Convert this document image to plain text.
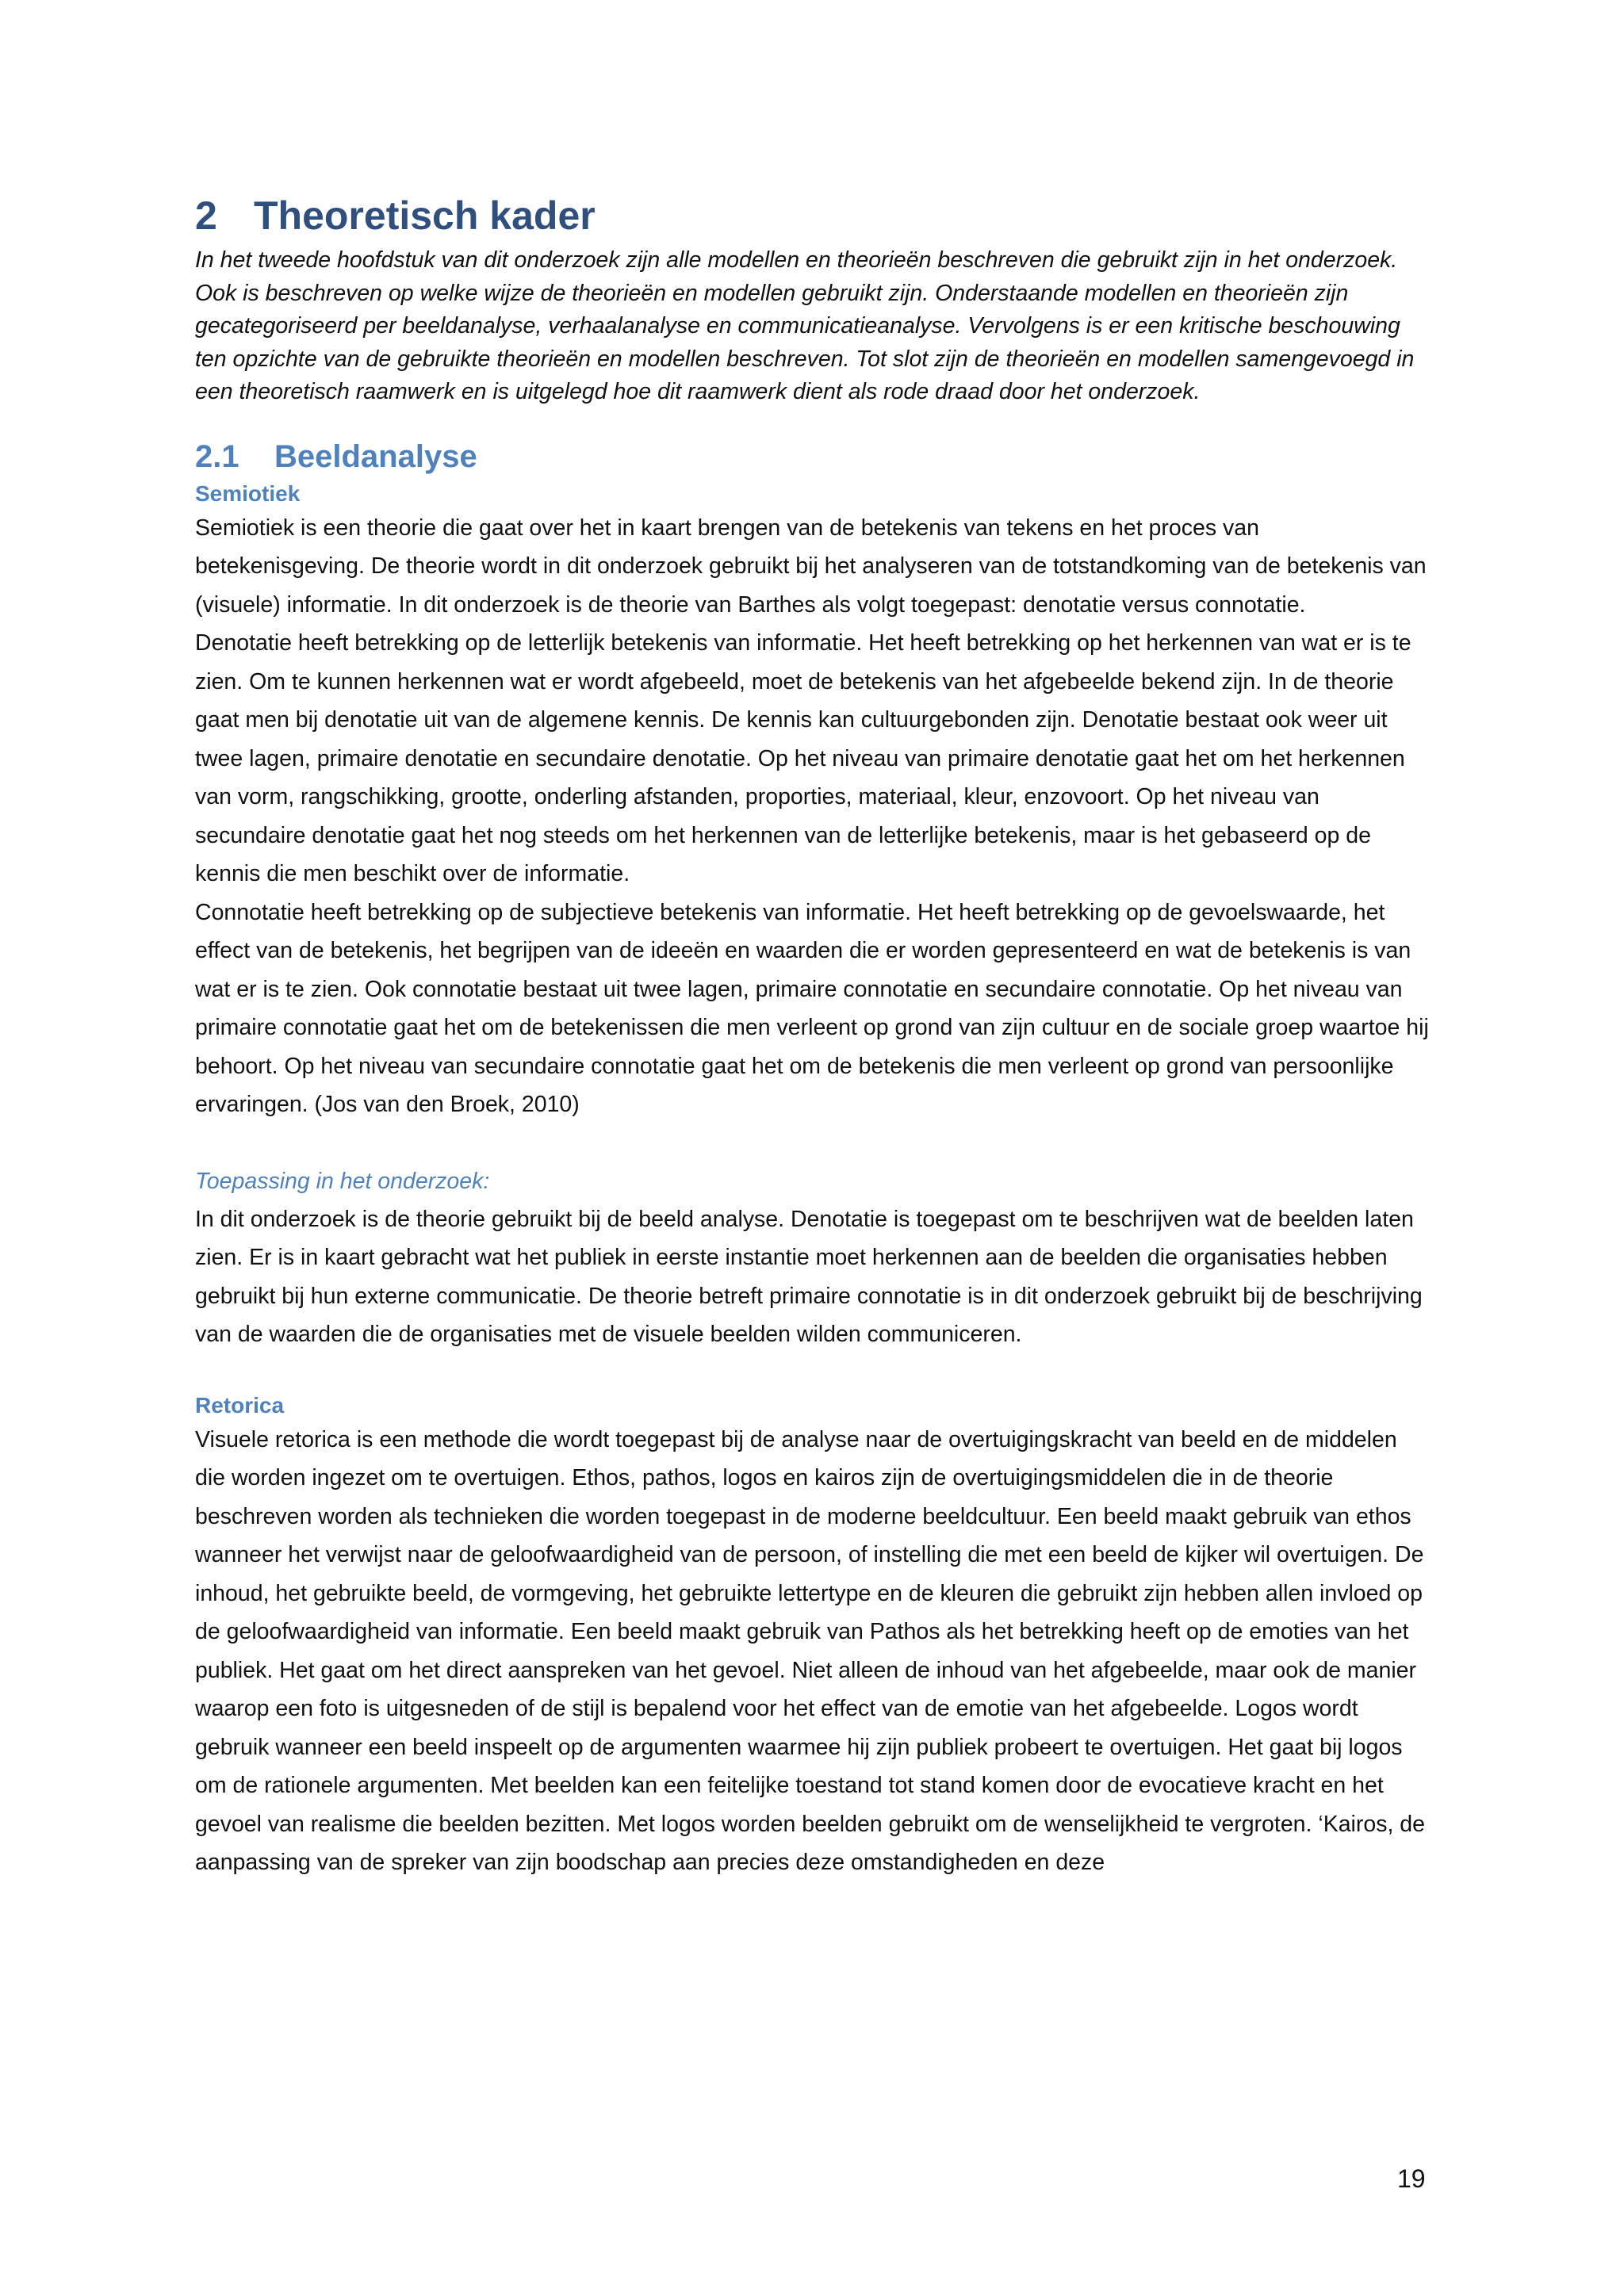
2 Theoretisch kader

In het tweede hoofdstuk van dit onderzoek zijn alle modellen en theorieën beschreven die gebruikt zijn in het onderzoek. Ook is beschreven op welke wijze de theorieën en modellen gebruikt zijn. Onderstaande modellen en theorieën zijn gecategoriseerd per beeldanalyse, verhaalanalyse en communicatieanalyse. Vervolgens is er een kritische beschouwing ten opzichte van de gebruikte theorieën en modellen beschreven. Tot slot zijn de theorieën en modellen samengevoegd in een theoretisch raamwerk en is uitgelegd hoe dit raamwerk dient als rode draad door het onderzoek.

2.1 Beeldanalyse
Semiotiek

Semiotiek is een theorie die gaat over het in kaart brengen van de betekenis van tekens en het proces van betekenisgeving. De theorie wordt in dit onderzoek gebruikt bij het analyseren van de totstandkoming van de betekenis van (visuele) informatie. In dit onderzoek is de theorie van Barthes als volgt toegepast: denotatie versus connotatie.

Denotatie heeft betrekking op de letterlijk betekenis van informatie. Het heeft betrekking op het herkennen van wat er is te zien. Om te kunnen herkennen wat er wordt afgebeeld, moet de betekenis van het afgebeelde bekend zijn. In de theorie gaat men bij denotatie uit van de algemene kennis. De kennis kan cultuurgebonden zijn. Denotatie bestaat ook weer uit twee lagen, primaire denotatie en secundaire denotatie. Op het niveau van primaire denotatie gaat het om het herkennen van vorm, rangschikking, grootte, onderling afstanden, proporties, materiaal, kleur, enzovoort. Op het niveau van secundaire denotatie gaat het nog steeds om het herkennen van de letterlijke betekenis, maar is het gebaseerd op de kennis die men beschikt over de informatie.

Connotatie heeft betrekking op de subjectieve betekenis van informatie. Het heeft betrekking op de gevoelswaarde, het effect van de betekenis, het begrijpen van de ideeën en waarden die er worden gepresenteerd en wat de betekenis is van wat er is te zien. Ook connotatie bestaat uit twee lagen, primaire connotatie en secundaire connotatie. Op het niveau van primaire connotatie gaat het om de betekenissen die men verleent op grond van zijn cultuur en de sociale groep waartoe hij behoort. Op het niveau van secundaire connotatie gaat het om de betekenis die men verleent op grond van persoonlijke ervaringen. (Jos van den Broek, 2010)

Toepassing in het onderzoek:

In dit onderzoek is de theorie gebruikt bij de beeld analyse. Denotatie is toegepast om te beschrijven wat de beelden laten zien. Er is in kaart gebracht wat het publiek in eerste instantie moet herkennen aan de beelden die organisaties hebben gebruikt bij hun externe communicatie. De theorie betreft primaire connotatie is in dit onderzoek gebruikt bij de beschrijving van de waarden die de organisaties met de visuele beelden wilden communiceren.

Retorica

Visuele retorica is een methode die wordt toegepast bij de analyse naar de overtuigingskracht van beeld en de middelen die worden ingezet om te overtuigen. Ethos, pathos, logos en kairos zijn de overtuigingsmiddelen die in de theorie beschreven worden als technieken die worden toegepast in de moderne beeldcultuur. Een beeld maakt gebruik van ethos wanneer het verwijst naar de geloofwaardigheid van de persoon, of instelling die met een beeld de kijker wil overtuigen. De inhoud, het gebruikte beeld, de vormgeving, het gebruikte lettertype en de kleuren die gebruikt zijn hebben allen invloed op de geloofwaardigheid van informatie. Een beeld maakt gebruik van Pathos als het betrekking heeft op de emoties van het publiek. Het gaat om het direct aanspreken van het gevoel. Niet alleen de inhoud van het afgebeelde, maar ook de manier waarop een foto is uitgesneden of de stijl is bepalend voor het effect van de emotie van het afgebeelde. Logos wordt gebruik wanneer een beeld inspeelt op de argumenten waarmee hij zijn publiek probeert te overtuigen. Het gaat bij logos om de rationele argumenten. Met beelden kan een feitelijke toestand tot stand komen door de evocatieve kracht en het gevoel van realisme die beelden bezitten. Met logos worden beelden gebruikt om de wenselijkheid te vergroten. ‘Kairos, de aanpassing van de spreker van zijn boodschap aan precies deze omstandigheden en deze

19
